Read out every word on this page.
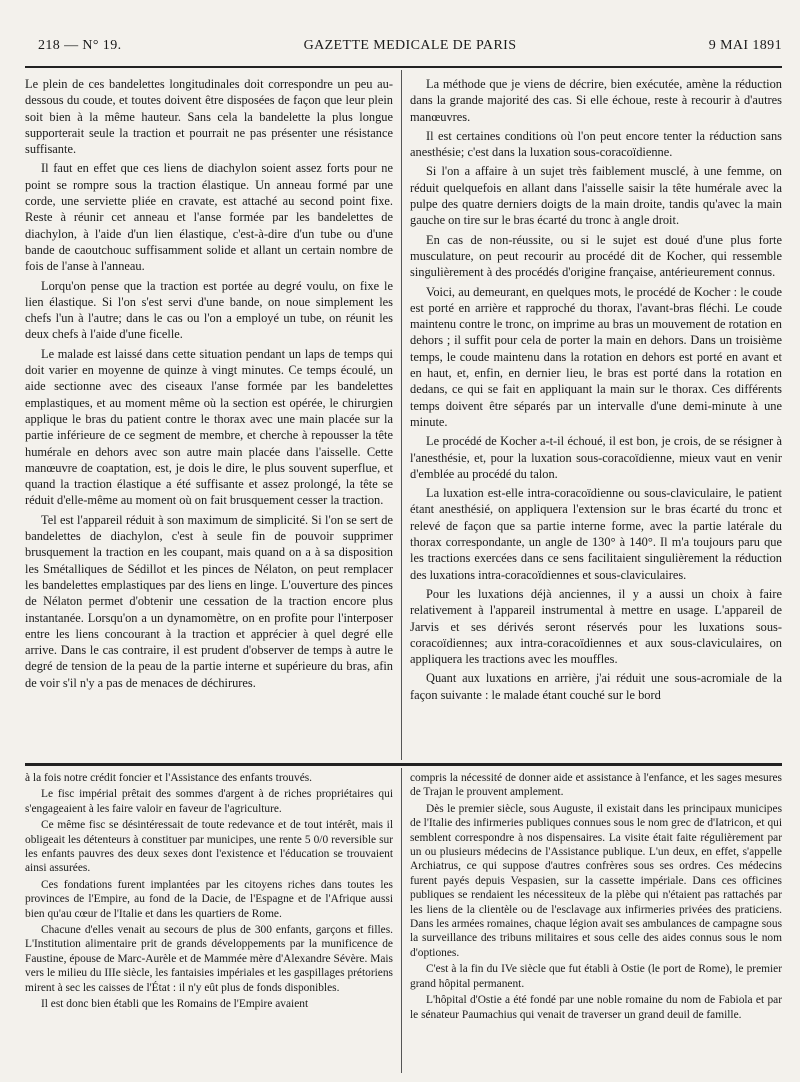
218 — N° 19.	GAZETTE MEDICALE DE PARIS	9 MAI 1891

Le plein de ces bandelettes longitudinales doit correspondre un peu au-dessous du coude, et toutes doivent être disposées de façon que leur plein soit bien à la même hauteur. Sans cela la bandelette la plus longue supporterait seule la traction et pourrait ne pas présenter une résistance suffisante.

Il faut en effet que ces liens de diachylon soient assez forts pour ne point se rompre sous la traction élastique. Un anneau formé par une corde, une serviette pliée en cravate, est attaché au second point fixe. Reste à réunir cet anneau et l'anse formée par les bandelettes de diachylon, à l'aide d'un lien élastique, c'est-à-dire d'un tube ou d'une bande de caoutchouc suffisamment solide et allant un certain nombre de fois de l'anse à l'anneau.

Lorqu'on pense que la traction est portée au degré voulu, on fixe le lien élastique. Si l'on s'est servi d'une bande, on noue simplement les chefs l'un à l'autre; dans le cas ou l'on a employé un tube, on réunit les deux chefs à l'aide d'une ficelle.

Le malade est laissé dans cette situation pendant un laps de temps qui doit varier en moyenne de quinze à vingt minutes. Ce temps écoulé, un aide sectionne avec des ciseaux l'anse formée par les bandelettes emplastiques, et au moment même où la section est opérée, le chirurgien applique le bras du patient contre le thorax avec une main placée sur la partie inférieure de ce segment de membre, et cherche à repousser la tête humérale en dehors avec son autre main placée dans l'aisselle. Cette manœuvre de coaptation, est, je dois le dire, le plus souvent superflue, et quand la traction élastique a été suffisante et assez prolongé, la tête se réduit d'elle-même au moment où on fait brusquement cesser la traction.

Tel est l'appareil réduit à son maximum de simplicité. Si l'on se sert de bandelettes de diachylon, c'est à seule fin de pouvoir supprimer brusquement la traction en les coupant, mais quand on a à sa disposition les Smétalliques de Sédillot et les pinces de Nélaton, on peut remplacer les bandelettes emplastiques par des liens en linge. L'ouverture des pinces de Nélaton permet d'obtenir une cessation de la traction encore plus instantanée. Lorsqu'on a un dynamomètre, on en profite pour l'interposer entre les liens concourant à la traction et apprécier à quel degré elle arrive. Dans le cas contraire, il est prudent d'observer de temps à autre le degré de tension de la peau de la partie interne et supérieure du bras, afin de voir s'il n'y a pas de menaces de déchirures.

La méthode que je viens de décrire, bien exécutée, amène la réduction dans la grande majorité des cas. Si elle échoue, reste à recourir à d'autres manœuvres.

Il est certaines conditions où l'on peut encore tenter la réduction sans anesthésie; c'est dans la luxation sous-coracoïdienne.

Si l'on a affaire à un sujet très faiblement musclé, à une femme, on réduit quelquefois en allant dans l'aisselle saisir la tête humérale avec la pulpe des quatre derniers doigts de la main droite, tandis qu'avec la main gauche on tire sur le bras écarté du tronc à angle droit.

En cas de non-réussite, ou si le sujet est doué d'une plus forte musculature, on peut recourir au procédé dit de Kocher, qui ressemble singulièrement à des procédés d'origine française, antérieurement connus.

Voici, au demeurant, en quelques mots, le procédé de Kocher : le coude est porté en arrière et rapproché du thorax, l'avant-bras fléchi. Le coude maintenu contre le tronc, on imprime au bras un mouvement de rotation en dehors ; il suffit pour cela de porter la main en dehors. Dans un troisième temps, le coude maintenu dans la rotation en dehors est porté en avant et en haut, et, enfin, en dernier lieu, le bras est porté dans la rotation en dedans, ce qui se fait en appliquant la main sur le thorax. Ces différents temps doivent être séparés par un intervalle d'une demi-minute à une minute.

Le procédé de Kocher a-t-il échoué, il est bon, je crois, de se résigner à l'anesthésie, et, pour la luxation sous-coracoïdienne, mieux vaut en venir d'emblée au procédé du talon.

La luxation est-elle intra-coracoïdienne ou sous-claviculaire, le patient étant anesthésié, on appliquera l'extension sur le bras écarté du tronc et relevé de façon que sa partie interne forme, avec la partie latérale du thorax correspondante, un angle de 130° à 140°. Il m'a toujours paru que les tractions exercées dans ce sens facilitaient singulièrement la réduction des luxations intra-coracoïdiennes et sous-claviculaires.

Pour les luxations déjà anciennes, il y a aussi un choix à faire relativement à l'appareil instrumental à mettre en usage. L'appareil de Jarvis et ses dérivés seront réservés pour les luxations sous-coracoïdiennes; aux intra-coracoïdiennes et aux sous-claviculaires, on appliquera les tractions avec les mouffles.

Quant aux luxations en arrière, j'ai réduit une sous-acromiale de la façon suivante : le malade étant couché sur le bord

à la fois notre crédit foncier et l'Assistance des enfants trouvés.

Le fisc impérial prêtait des sommes d'argent à de riches propriétaires qui s'engageaient à les faire valoir en faveur de l'agriculture.

Ce même fisc se désintéressait de toute redevance et de tout intérêt, mais il obligeait les détenteurs à constituer par municipes, une rente 5 0/0 reversible sur les enfants pauvres des deux sexes dont l'existence et l'éducation se trouvaient ainsi assurées.

Ces fondations furent implantées par les citoyens riches dans toutes les provinces de l'Empire, au fond de la Dacie, de l'Espagne et de l'Afrique aussi bien qu'au cœur de l'Italie et dans les quartiers de Rome.

Chacune d'elles venait au secours de plus de 300 enfants, garçons et filles. L'Institution alimentaire prit de grands développements par la munificence de Faustine, épouse de Marc-Aurèle et de Mammée mère d'Alexandre Sévère. Mais vers le milieu du IIIe siècle, les fantaisies impériales et les gaspillages prétoriens mirent à sec les caisses de l'État : il n'y eût plus de fonds disponibles.

Il est donc bien établi que les Romains de l'Empire avaient

compris la nécessité de donner aide et assistance à l'enfance, et les sages mesures de Trajan le prouvent amplement.

Dès le premier siècle, sous Auguste, il existait dans les principaux municipes de l'Italie des infirmeries publiques connues sous le nom grec de d'Iatricon, et qui semblent correspondre à nos dispensaires. La visite était faite régulièrement par un ou plusieurs médecins de l'Assistance publique. L'un deux, en effet, s'appelle Archiatrus, ce qui suppose d'autres confrères sous ses ordres. Ces médecins furent payés depuis Vespasien, sur la cassette impériale. Dans ces officines publiques se rendaient les nécessiteux de la plèbe qui n'étaient pas rattachés par les liens de la clientèle ou de l'esclavage aux infirmeries privées des praticiens. Dans les armées romaines, chaque légion avait ses ambulances de campagne sous la surveillance des tribuns militaires et sous celle des aides connus sous le nom d'optiones.

C'est à la fin du IVe siècle que fut établi à Ostie (le port de Rome), le premier grand hôpital permanent.

L'hôpital d'Ostie a été fondé par une noble romaine du nom de Fabiola et par le sénateur Paumachius qui venait de traverser un grand deuil de famille.
